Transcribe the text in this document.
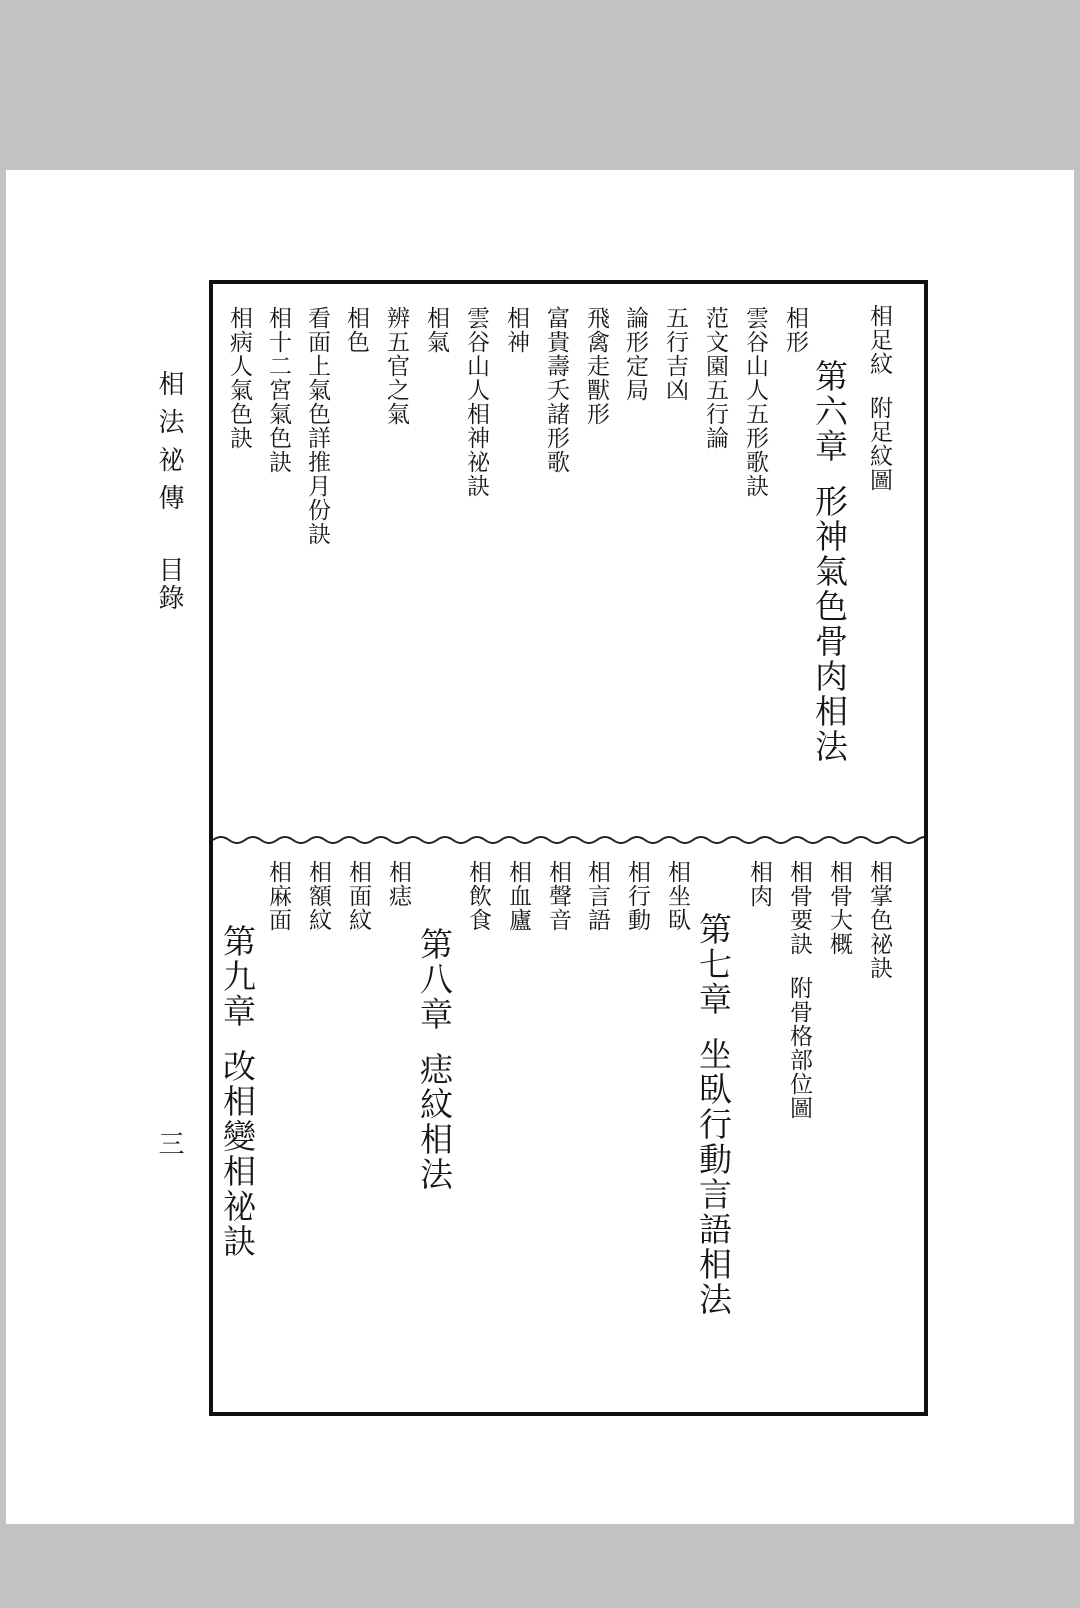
相法祕傳目錄
三
相足紋附足紋圖
第六章形神氣色骨肉相法
相形
雲谷山人五形歌訣
范文園五行論
五行吉凶
論形定局
飛禽走獸形
富貴壽夭諸形歌
相神
雲谷山人相神祕訣
相氣
辨五官之氣
相色
看面上氣色詳推月份訣
相十二宮氣色訣
相病人氣色訣
相掌色祕訣
相骨大概
相骨要訣附骨格部位圖
相肉
第七章坐臥行動言語相法
相坐臥
相行動
相言語
相聲音
相血廬
相飲食
第八章痣紋相法
相痣
相面紋
相額紋
相麻面
第九章改相變相祕訣
